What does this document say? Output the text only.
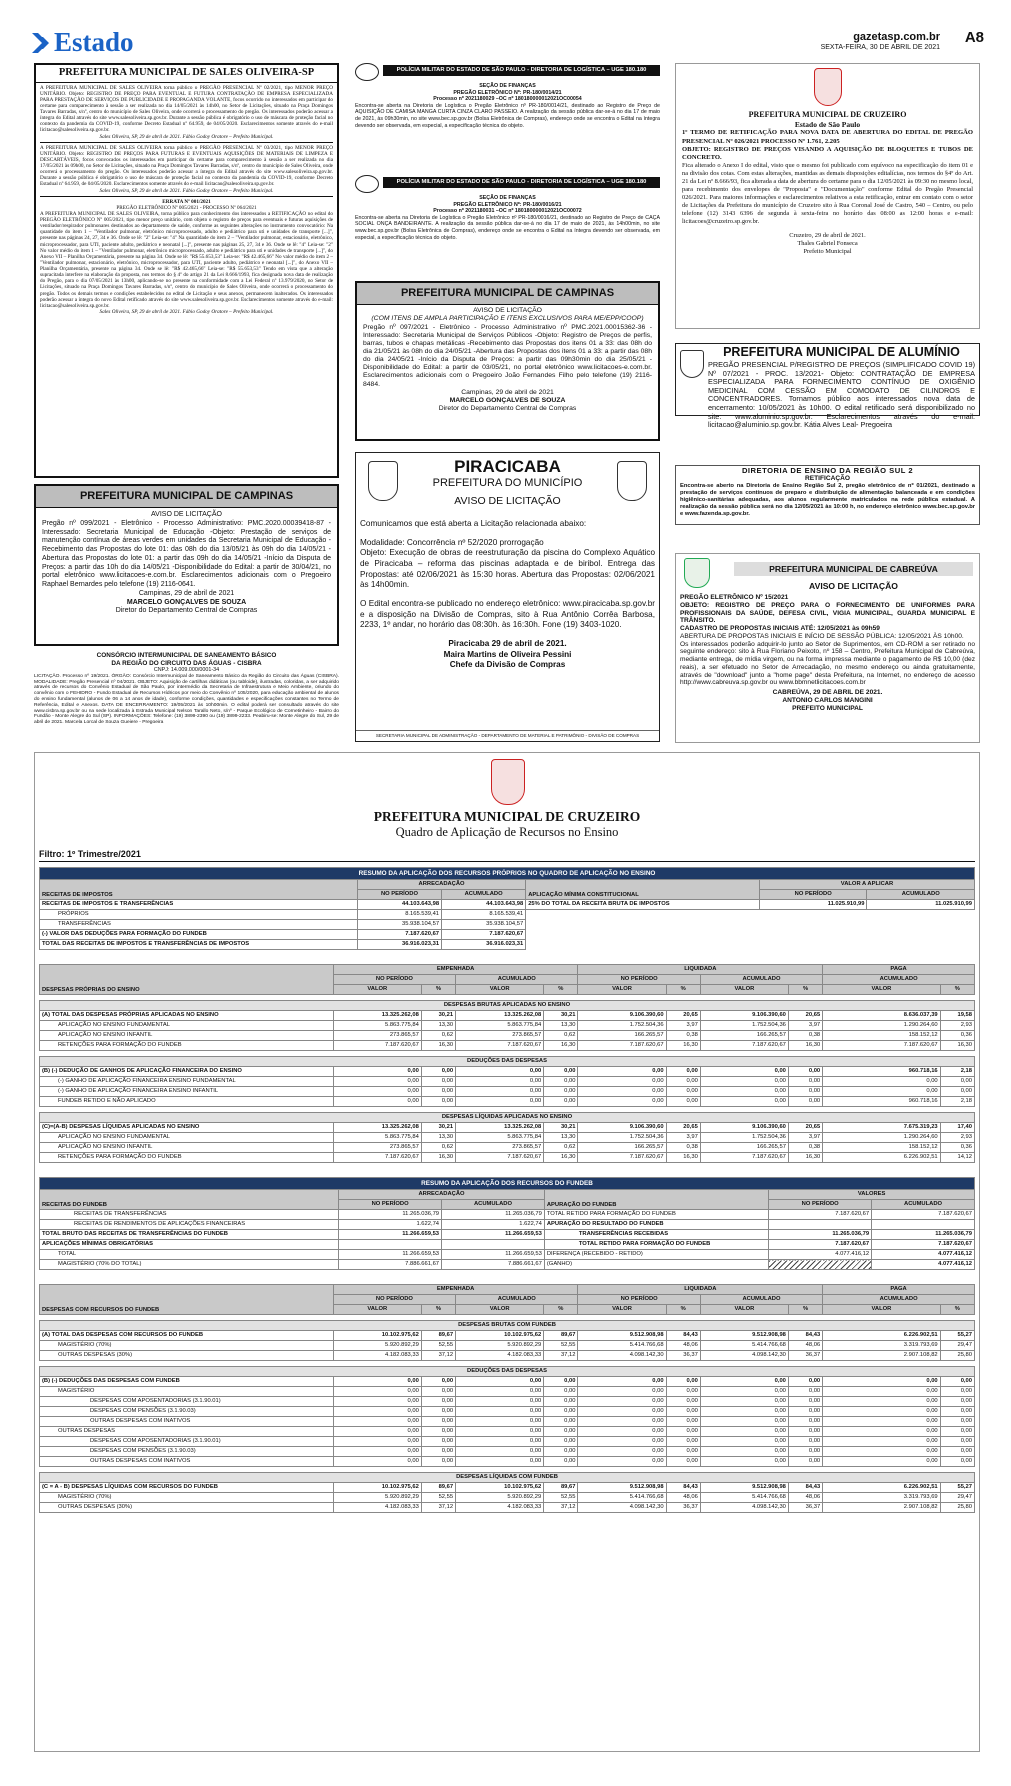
Estado	gazetasp.com.br
SEXTA-FEIRA, 30 DE ABRIL DE 2021
A8
PREFEITURA MUNICIPAL DE SALES OLIVEIRA-SP

A PREFEITURA MUNICIPAL DE SALES OLIVEIRA torna público o PREGÃO PRESENCIAL Nº 02/2021, tipo MENOR PREÇO UNITÁRIO. Objeto: REGISTRO DE PREÇO PARA EVENTUAL E FUTURA CONTRATAÇÃO DE EMPRESA ESPECIALIZADA PARA PRESTAÇÃO DE SERVIÇOS DE PUBLICIDADE E PROPAGANDA VOLANTE, focos ocorrido no interessados em participar do certame para comparecimento à sessão a ser realizada no dia 14/05/2021 às 14h00, no Setor de Licitações, situado na Praça Domingos Tavares Barradas, s/nº, centro do município de Sales Oliveira, onde ocorrerá o processamento do pregão. Os interessados poderão acessar a íntegra do Edital através do site www.salesoliveira.sp.gov.br. Durante a sessão pública é obrigatório o uso de máscara de proteção facial no contexto da pandemia da COVID-19, conforme Decreto Estadual nº 64.959, de 04/05/2020. Esclarecimentos somente através do e-mail licitacao@salesoliveira.sp.gov.br.

Sales Oliveira, SP, 29 de abril de 2021. Fábio Godoy Oratore – Prefeito Municipal.

A PREFEITURA MUNICIPAL DE SALES OLIVEIRA torna público o PREGÃO PRESENCIAL Nº 03/2021, tipo MENOR PREÇO UNITÁRIO. Objeto: REGISTRO DE PREÇOS PARA FUTURAS E EVENTUAIS AQUISIÇÕES DE MATERIAIS DE LIMPEZA E DESCARTÁVEIS, focos convocados os interessados em participar do certame para comparecimento à sessão a ser realizada no dia 17/05/2021 às 09h00, no Setor de Licitações, situado na Praça Domingos Tavares Barradas, s/nº, centro do município de Sales Oliveira, onde ocorrerá o processamento do pregão. Os interessados poderão acessar a íntegra do Edital através do site www.salesoliveira.sp.gov.br. Durante a sessão pública é obrigatório o uso de máscara de proteção facial no contexto da pandemia da COVID-19, conforme Decreto Estadual nº 64.959, de 04/05/2020. Esclarecimentos somente através do e-mail licitacao@salesoliveira.sp.gov.br.

Sales Oliveira, SP, 29 de abril de 2021. Fábio Godoy Oratore – Prefeito Municipal.

ERRATA Nº 001/2021

PREGÃO ELETRÔNICO Nº 005/2021 - PROCESSO Nº 064/2021

A PREFEITURA MUNICIPAL DE SALES OLIVEIRA, torna público para conhecimento dos interessados a RETIFICAÇÃO no edital do PREGÃO ELETRÔNICO Nº 005/2021, tipo menor preço unitário, com objeto o registro de preços para eventuais e futuras aquisições de ventilador/respirador pulmonares destinados ao departamento de saúde, conforme as seguintes alterações no instrumento convocatório: Na quantidade do item 1 – "Ventilador pulmonar, eletrônico microprocessado, adulto e pediátrico para uti e unidades de transporte [...]", presente nas páginas 24, 27, 34 e 36. Onde se lê: "2" Leia-se: "4" Na quantidade do item 2 – "Ventilador pulmonar, estacionário, eletrônico, microprocessador, para UTI, paciente adulto, pediátrico e neonatal [...]", presente nas páginas 25, 27, 34 e 36. Onde se lê: "4" Leia-se: "2" No valor médio do item 1 – "Ventilador pulmonar, eletrônico microprocessado, adulto e pediátrico para uti e unidades de transporte [...]", do Anexo VII – Planilha Orçamentária, presente na página 34. Onde se lê: "R$ 55.653,53" Leia-se: "R$ 42.465,66" No valor médio do item 2 – "Ventilador pulmonar, estacionário, eletrônico, microprocessador, para UTI, paciente adulto, pediátrico e neonatal [...]", do Anexo VII – Planilha Orçamentária, presente na página 34. Onde se lê: "R$ 42.465,66" Leia-se: "R$ 55.653,53" Tendo em vista que a alteração supracitada interfere na elaboração da proposta, nos termos do § 4º do artigo 21 da Lei 8.666/1993, fica designada nova data de realização do Pregão, para o dia 07/05/2021 às 13h00, aplicando-se no presente na conformidade com a Lei Federal nº 13.979/2020, no Setor de Licitações, situado na Praça Domingos Tavares Barradas, s/nº, centro do município de Sales Oliveira, onde ocorrerá o processamento do pregão. Todos os demais termos e condições estabelecidos no edital de Licitação e seus anexos, permanecem inalterados. Os interessados poderão acessar a íntegra do novo Edital retificado através do site www.salesoliveira.sp.gov.br. Esclarecimentos somente através do e-mail: licitacao@salesoliveira.sp.gov.br.

Sales Oliveira, SP, 29 de abril de 2021. Fábio Godoy Oratore – Prefeito Municipal.

PREFEITURA MUNICIPAL DE CAMPINAS

AVISO DE LICITAÇÃO

Pregão nº 099/2021 - Eletrônico - Processo Administrativo: PMC.2020.00039418-87 -Interessado: Secretaria Municipal de Educação -Objeto: Prestação de serviços de manutenção contínua de áreas verdes em unidades da Secretaria Municipal de Educação -Recebimento das Propostas do lote 01: das 08h do dia 13/05/21 às 09h do dia 14/05/21 -Abertura das Propostas do lote 01: a partir das 09h do dia 14/05/21 -Início da Disputa de Preços: a partir das 10h do dia 14/05/21 -Disponibilidade do Edital: a partir de 30/04/21, no portal eletrônico www.licitacoes-e.com.br. Esclarecimentos adicionais com o Pregoeiro Raphael Bernardes pelo telefone (19) 2116-0641.

Campinas, 29 de abril de 2021

MARCELO GONÇALVES DE SOUZA

Diretor do Departamento Central de Compras

CONSÓRCIO INTERMUNICIPAL DE SANEAMENTO BÁSICO

DA REGIÃO DO CIRCUITO DAS ÁGUAS - CISBRA

CNPJ: 14.009.000/0001-34

LICITAÇÃO. Processo nº 19/2021. ÓRGÃO: Consórcio Intermunicipal de Saneamento Básico da Região do Circuito das Águas (CISBRA). MODALIDADE: Pregão Presencial nº 04/2021. OBJETO: Aquisição de cartilhas didáticas (ou tabloide), ilustradas, coloridas, a ser adquirido através de recursos do Convênio Estadual de São Paulo, por intermédio da Secretaria de Infraestrutura e Meio Ambiente, oriundo do convênio com o FEHIDRO - Fundo Estadual de Recursos Hídricos por meio do Convênio nº 105/2020, para educação ambiental de alunos do ensino fundamental (alunos de 06 a 14 anos de idade), conforme condições, quantidades e especificações constantes no Termo de Referência, Edital e Anexos. DATA DE ENCERRAMENTO: 19/05/2021 às 10h00min. O edital poderá ser consultado através do site www.cisbra.sp.gov.br ou na sede localizada à Estrada Municipal Nelson Tarallo Neto, s/nº - Parque Ecológico de Cornetinheiro - Bairro do Fundão - Monte Alegre do Sul (SP). INFORMAÇÕES: Telefone: (19) 3899-2390 ou (19) 3899-2233. Peabiru-se: Monte Alegre do Sul, 29 de abril de 2021. Marcela Lorcal de Souza Gueiere - Pregoeira

POLÍCIA MILITAR DO ESTADO DE SÃO PAULO - DIRETORIA DE LOGÍSTICA – UGE 180.180

SEÇÃO DE FINANÇAS

PREGÃO ELETRÔNICO Nº: PR-180/0014/21

Processo nº 2021180029 –OC nº 180180000012021OC00054

Encontra-se aberta na Diretoria de Logística o Pregão Eletrônico nº PR-180/0014/21, destinado ao Registro de Preço de AQUISIÇÃO DE CAMISA MANGA CURTA CINZA CLARO PASSEIO. A realização da sessão pública dar-se-á no dia 17 de maio de 2021, às 09h30min, no site www.bec.sp.gov.br (Bolsa Eletrônica de Compras), endereço onde se encontra o Edital na íntegra devendo ser observada, em especial, a especificação técnica do objeto.

POLÍCIA MILITAR DO ESTADO DE SÃO PAULO - DIRETORIA DE LOGÍSTICA – UGE 180.180

SEÇÃO DE FINANÇAS

PREGÃO ELETRÔNICO Nº: PR-180/0016/21

Processo nº 2021180031 –OC nº 180180000012021OC00072

Encontra-se aberta na Diretoria de Logística o Pregão Eletrônico nº PR-180/0016/21, destinado ao Registro de Preço de CAÇA SOCIAL ONÇA BANDEIRANTE. A realização da sessão pública dar-se-á no dia 17 de maio de 2021, às 14h00min, no site www.bec.sp.gov.br (Bolsa Eletrônica de Compras), endereço onde se encontra o Edital na íntegra devendo ser observada, em especial, a especificação técnica do objeto.

PREFEITURA MUNICIPAL DE CAMPINAS

AVISO DE LICITAÇÃO

(COM ITENS DE AMPLA PARTICIPAÇÃO E ITENS EXCLUSIVOS PARA ME/EPP/COOP)

Pregão nº 097/2021 - Eletrônico - Processo Administrativo nº PMC.2021.00015362-36 -Interessado: Secretaria Municipal de Serviços Públicos -Objeto: Registro de Preços de perfis, barras, tubos e chapas metálicas -Recebimento das Propostas dos itens 01 a 33: das 08h do dia 21/05/21 às 08h do dia 24/05/21 -Abertura das Propostas dos itens 01 a 33: a partir das 08h do dia 24/05/21 -Início da Disputa de Preços: a partir das 09h30min do dia 25/05/21 -Disponibilidade do Edital: a partir de 03/05/21, no portal eletrônico www.licitacoes-e.com.br. Esclarecimentos adicionais com o Pregoeiro João Fernandes Filho pelo telefone (19) 2116-8484.

Campinas, 29 de abril de 2021

MARCELO GONÇALVES DE SOUZA

Diretor do Departamento Central de Compras

PIRACICABA

PREFEITURA DO MUNICÍPIO

AVISO DE LICITAÇÃO

Comunicamos que está aberta a Licitação relacionada abaixo:

Modalidade: Concorrência nº 52/2020 prorrogação

Objeto: Execução de obras de reestruturação da piscina do Complexo Aquático de Piracicaba – reforma das piscinas adaptada e de biribol. Entrega das Propostas: até 02/06/2021 às 15:30 horas. Abertura das Propostas: 02/06/2021 às 14h00min.

O Edital encontra-se publicado no endereço eletrônico: www.piracicaba.sp.gov.br e a disposição na Divisão de Compras, sito à Rua Antônio Corrêa Barbosa, 2233, 1º andar, no horário das 08:30h. às 16:30h. Fone (19) 3403-1020.

Piracicaba 29 de abril de 2021.

Maira Martins de Oliveira Pessini

Chefe da Divisão de Compras

SECRETARIA MUNICIPAL DE ADMINISTRAÇÃO - DEPARTAMENTO DE MATERIAL E PATRIMÔNIO - DIVISÃO DE COMPRAS

PREFEITURA MUNICIPAL DE CRUZEIRO

Estado de São Paulo

1º TERMO DE RETIFICAÇÃO PARA NOVA DATA DE ABERTURA DO EDITAL DE PREGÃO PRESENCIAL Nº 026/2021 PROCESSO Nº 1.761, 2.205

OBJETO: REGISTRO DE PREÇOS VISANDO A AQUISIÇÃO DE BLOQUETES E TUBOS DE CONCRETO.

Fica alterado o Anexo I do edital, visto que o mesmo foi publicado com equívoco na especificação do item 01 e na divisão dos cotas. Com estas alterações, mantidas as demais disposições editalícias, nos termos do §4º do Art. 21 da Lei nº 8.666/93, fica alterada a data de abertura do certame para o dia 12/05/2021 às 09:30 no mesmo local, para recebimento dos envelopes de "Proposta" e "Documentação" conforme Edital do Pregão Presencial 026/2021. Para maiores informações e esclarecimentos relativos a esta retificação, entrar em contato com o setor de Licitações da Prefeitura do município de Cruzeiro sito à Rua Coronal José de Castro, 540 – Centro, ou pelo telefone (12) 3143 6396 de segunda à sexta-feira no horário das 08:00 as 12:00 horas e e-mail: licitacoes@cruzeiro.sp.gov.br.

Cruzeiro, 29 de abril de 2021.

Thales Gabriel Fonseca

Prefeito Municipal

PREFEITURA MUNICIPAL DE ALUMÍNIO

PREGÃO PRESENCIAL P/REGISTRO DE PREÇOS (SIMPLIFICADO COVID 19) Nº 07/2021 - PROC. 13/2021- Objeto: CONTRATAÇÃO DE EMPRESA ESPECIALIZADA PARA FORNECIMENTO CONTÍNUO DE OXIGÊNIO MEDICINAL COM CESSÃO EM COMODATO DE CILINDROS E CONCENTRADORES. Tornamos público aos interessados nova data de encerramento: 10/05/2021 às 10h00. O edital retificado será disponibilizado no site: www.aluminio.sp.gov.br. Esclarecimentos através do e-mail: licitacao@aluminio.sp.gov.br. Kátia Alves Leal- Pregoeira

DIRETORIA DE ENSINO DA REGIÃO SUL 2

RETIFICAÇÃO

Encontra-se aberto na Diretoria de Ensino Região Sul 2, pregão eletrônico de nº 01/2021, destinado a prestação de serviços contínuos de preparo e distribuição de alimentação balanceada e em condições higiênico-sanitárias adequadas, aos alunos regularmente matriculados na rede pública estadual. A realização da sessão pública será no dia 12/05/2021 às 10:00 h, no endereço eletrônico www.bec.sp.gov.br e www.fazenda.sp.gov.br.

PREFEITURA MUNICIPAL DE CABREÚVA

AVISO DE LICITAÇÃO

PREGÃO ELETRÔNICO Nº 15/2021

OBJETO: REGISTRO DE PREÇO PARA O FORNECIMENTO DE UNIFORMES PARA PROFISSIONAIS DA SAÚDE, DEFESA CIVIL, VIGIA MUNICIPAL, GUARDA MUNICIPAL E TRÂNSITO.

CADASTRO DE PROPOSTAS INICIAIS ATÉ: 12/05/2021 às 09h59

ABERTURA DE PROPOSTAS INICIAIS E INÍCIO DE SESSÃO PÚBLICA: 12/05/2021 ÀS 10h00.

Os interessados poderão adquirir-lo junto ao Setor de Suprimentos, em CD-ROM a ser retirado no seguinte endereço: sito à Rua Floriano Peixoto, nº 158 – Centro, Prefeitura Municipal de Cabreúva, mediante entrega, de mídia virgem, ou na forma impressa mediante o pagamento de R$ 10,00 (dez reais), a ser efetuado no Setor de Arrecadação, no mesmo endereço ou ainda gratuitamente, através de "download" junto a "home page" desta Prefeitura, na Internet, no endereço de acesso http://www.cabreuva.sp.gov.br ou www.bbmnetlicitacoes.com.br

CABREÚVA, 29 DE ABRIL DE 2021.

ANTONIO CARLOS MANGINI

PREFEITO MUNICIPAL

PREFEITURA MUNICIPAL DE CRUZEIRO

Quadro de Aplicação de Recursos no Ensino

Filtro: 1º Trimestre/2021

RESUMO DA APLICAÇÃO DOS RECURSOS PRÓPRIOS NO QUADRO DE APLICAÇÃO NO ENSINO					
RECEITAS DE IMPOSTOS	ARRECADAÇÃO		APLICAÇÃO MÍNIMA CONSTITUCIONAL	VALOR A APLICAR	
	NO PERÍODO	ACUMULADO		NO PERÍODO	ACUMULADO
RECEITAS DE IMPOSTOS E TRANSFERÊNCIAS	44.103.643,98	44.103.643,98	25% DO TOTAL DA RECEITA BRUTA DE IMPOSTOS	11.025.910,99	11.025.910,99
PRÓPRIOS	8.165.539,41	8.165.539,41			
TRANSFERÊNCIAS	35.938.104,57	35.938.104,57			
(-) VALOR DAS DEDUÇÕES PARA FORMAÇÃO DO FUNDEB	7.187.620,67	7.187.620,67			
TOTAL DAS RECEITAS DE IMPOSTOS E TRANSFERÊNCIAS DE IMPOSTOS	36.916.023,31	36.916.023,31			
DESPESAS PRÓPRIAS DO ENSINO	EMPENHADA				LIQUIDADA				PAGA	
	NO PERÍODO		ACUMULADO		NO PERÍODO		ACUMULADO		ACUMULADO	
	VALOR	%	VALOR	%	VALOR	%	VALOR	%	VALOR	%

DESPESAS BRUTAS APLICADAS NO ENSINO										
(A) TOTAL DAS DESPESAS PRÓPRIAS APLICADAS NO ENSINO	13.325.262,08	30,21	13.325.262,08	30,21	9.106.390,60	20,65	9.106.390,60	20,65	8.636.037,39	19,58
APLICAÇÃO NO ENSINO FUNDAMENTAL	5.863.775,84	13,30	5.863.775,84	13,30	1.752.504,36	3,97	1.752.504,36	3,97	1.290.264,60	2,93
APLICAÇÃO NO ENSINO INFANTIL	273.865,57	0,62	273.865,57	0,62	166.265,57	0,38	166.265,57	0,38	158.152,12	0,36
RETENÇÕES PARA FORMAÇÃO DO FUNDEB	7.187.620,67	16,30	7.187.620,67	16,30	7.187.620,67	16,30	7.187.620,67	16,30	7.187.620,67	16,30

DEDUÇÕES DAS DESPESAS										
(B) (-) DEDUÇÃO DE GANHOS DE APLICAÇÃO FINANCEIRA DO ENSINO	0,00	0,00	0,00	0,00	0,00	0,00	0,00	0,00	960.718,16	2,18
(-) GANHO DE APLICAÇÃO FINANCEIRA ENSINO FUNDAMENTAL	0,00	0,00	0,00	0,00	0,00	0,00	0,00	0,00	0,00	0,00
(-) GANHO DE APLICAÇÃO FINANCEIRA ENSINO INFANTIL	0,00	0,00	0,00	0,00	0,00	0,00	0,00	0,00	0,00	0,00
FUNDEB RETIDO E NÃO APLICADO	0,00	0,00	0,00	0,00	0,00	0,00	0,00	0,00	960.718,16	2,18

DESPESAS LÍQUIDAS APLICADAS NO ENSINO										
(C)=(A-B) DESPESAS LÍQUIDAS APLICADAS NO ENSINO	13.325.262,08	30,21	13.325.262,08	30,21	9.106.390,60	20,65	9.106.390,60	20,65	7.675.319,23	17,40
APLICAÇÃO NO ENSINO FUNDAMENTAL	5.863.775,84	13,30	5.863.775,84	13,30	1.752.504,36	3,97	1.752.504,36	3,97	1.290.264,60	2,93
APLICAÇÃO NO ENSINO INFANTIL	273.865,57	0,62	273.865,57	0,62	166.265,57	0,38	166.265,57	0,38	158.152,12	0,36
RETENÇÕES PARA FORMAÇÃO DO FUNDEB	7.187.620,67	16,30	7.187.620,67	16,30	7.187.620,67	16,30	7.187.620,67	16,30	6.226.902,51	14,12
RESUMO DA APLICAÇÃO DOS RECURSOS DO FUNDEB					
RECEITAS DO FUNDEB	ARRECADAÇÃO		APURAÇÃO DO FUNDEB	VALORES	
	NO PERÍODO	ACUMULADO		NO PERÍODO	ACUMULADO
RECEITAS DE TRANSFERÊNCIAS	11.265.036,79	11.265.036,79	TOTAL RETIDO PARA FORMAÇÃO DO FUNDEB	7.187.620,67	7.187.620,67
RECEITAS DE RENDIMENTOS DE APLICAÇÕES FINANCEIRAS	1.622,74	1.622,74	APURAÇÃO DO RESULTADO DO FUNDEB		
TOTAL BRUTO DAS RECEITAS DE TRANSFERÊNCIAS DO FUNDEB	11.266.659,53	11.266.659,53	TRANSFERÊNCIAS RECEBIDAS	11.265.036,79	11.265.036,79
APLICAÇÕES MÍNIMAS OBRIGATÓRIAS			TOTAL RETIDO PARA FORMAÇÃO DO FUNDEB	7.187.620,67	7.187.620,67
TOTAL	11.266.659,53	11.266.659,53	DIFERENÇA (RECEBIDO - RETIDO)	4.077.416,12	4.077.416,12
MAGISTÉRIO (70% DO TOTAL)	7.886.661,67	7.886.661,67	(GANHO)		4.077.416,12
DESPESAS COM RECURSOS DO FUNDEB	EMPENHADA				LIQUIDADA				PAGA	
	NO PERÍODO		ACUMULADO		NO PERÍODO		ACUMULADO		ACUMULADO	
	VALOR	%	VALOR	%	VALOR	%	VALOR	%	VALOR	%

DESPESAS BRUTAS COM FUNDEB										
(A) TOTAL DAS DESPESAS COM RECURSOS DO FUNDEB	10.102.975,62	89,67	10.102.975,62	89,67	9.512.908,98	84,43	9.512.908,98	84,43	6.226.902,51	55,27
MAGISTÉRIO (70%)	5.920.892,29	52,55	5.920.892,29	52,55	5.414.766,68	48,06	5.414.766,68	48,06	3.319.793,69	29,47
OUTRAS DESPESAS (30%)	4.182.083,33	37,12	4.182.083,33	37,12	4.098.142,30	36,37	4.098.142,30	36,37	2.907.108,82	25,80

DEDUÇÕES DAS DESPESAS										
(B) (-) DEDUÇÕES DAS DESPESAS COM FUNDEB	0,00	0,00	0,00	0,00	0,00	0,00	0,00	0,00	0,00	0,00
MAGISTÉRIO	0,00	0,00	0,00	0,00	0,00	0,00	0,00	0,00	0,00	0,00
DESPESAS COM APOSENTADORIAS (3.1.90.01)	0,00	0,00	0,00	0,00	0,00	0,00	0,00	0,00	0,00	0,00
DESPESAS COM PENSÕES (3.1.90.03)	0,00	0,00	0,00	0,00	0,00	0,00	0,00	0,00	0,00	0,00
OUTRAS DESPESAS COM INATIVOS	0,00	0,00	0,00	0,00	0,00	0,00	0,00	0,00	0,00	0,00
OUTRAS DESPESAS	0,00	0,00	0,00	0,00	0,00	0,00	0,00	0,00	0,00	0,00
DESPESAS COM APOSENTADORIAS (3.1.90.01)	0,00	0,00	0,00	0,00	0,00	0,00	0,00	0,00	0,00	0,00
DESPESAS COM PENSÕES (3.1.90.03)	0,00	0,00	0,00	0,00	0,00	0,00	0,00	0,00	0,00	0,00
OUTRAS DESPESAS COM INATIVOS	0,00	0,00	0,00	0,00	0,00	0,00	0,00	0,00	0,00	0,00

DESPESAS LÍQUIDAS COM FUNDEB										
(C = A - B) DESPESAS LÍQUIDAS COM RECURSOS DO FUNDEB	10.102.975,62	89,67	10.102.975,62	89,67	9.512.908,98	84,43	9.512.908,98	84,43	6.226.902,51	55,27
MAGISTÉRIO (70%)	5.920.892,29	52,55	5.920.892,29	52,55	5.414.766,68	48,06	5.414.766,68	48,06	3.319.793,69	29,47
OUTRAS DESPESAS (30%)	4.182.083,33	37,12	4.182.083,33	37,12	4.098.142,30	36,37	4.098.142,30	36,37	2.907.108,82	25,80
